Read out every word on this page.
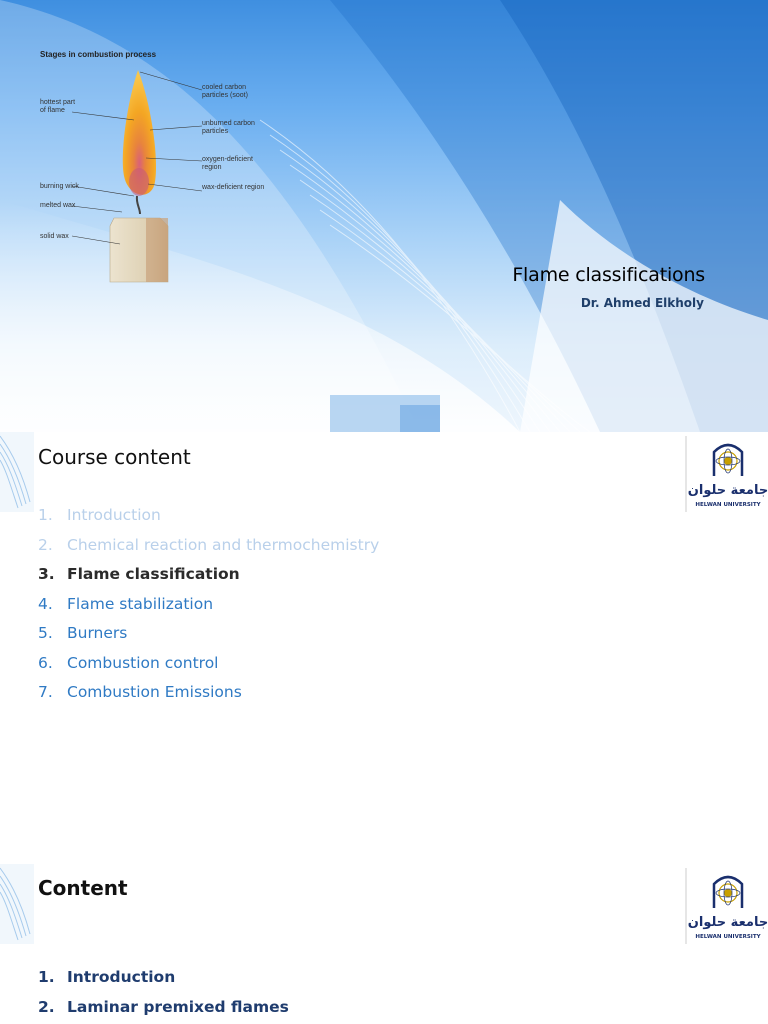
Stages in combustion process
cooled carbon particles (soot)
hottest part of flame
unburned carbon particles
oxygen-deficient region
burning wick	wax-deficient region
melted wax
solid wax
Flame classifications
Dr. Ahmed Elkholy
Course content
جامعة حلوان
HELWAN UNIVERSITY
1. Introduction
2. Chemical reaction and thermochemistry
3. Flame classification
4. Flame stabilization
5. Burners
6. Combustion control
7. Combustion Emissions
Content
جامعة حلوان
HELWAN UNIVERSITY
1. Introduction
2. Laminar premixed flames
